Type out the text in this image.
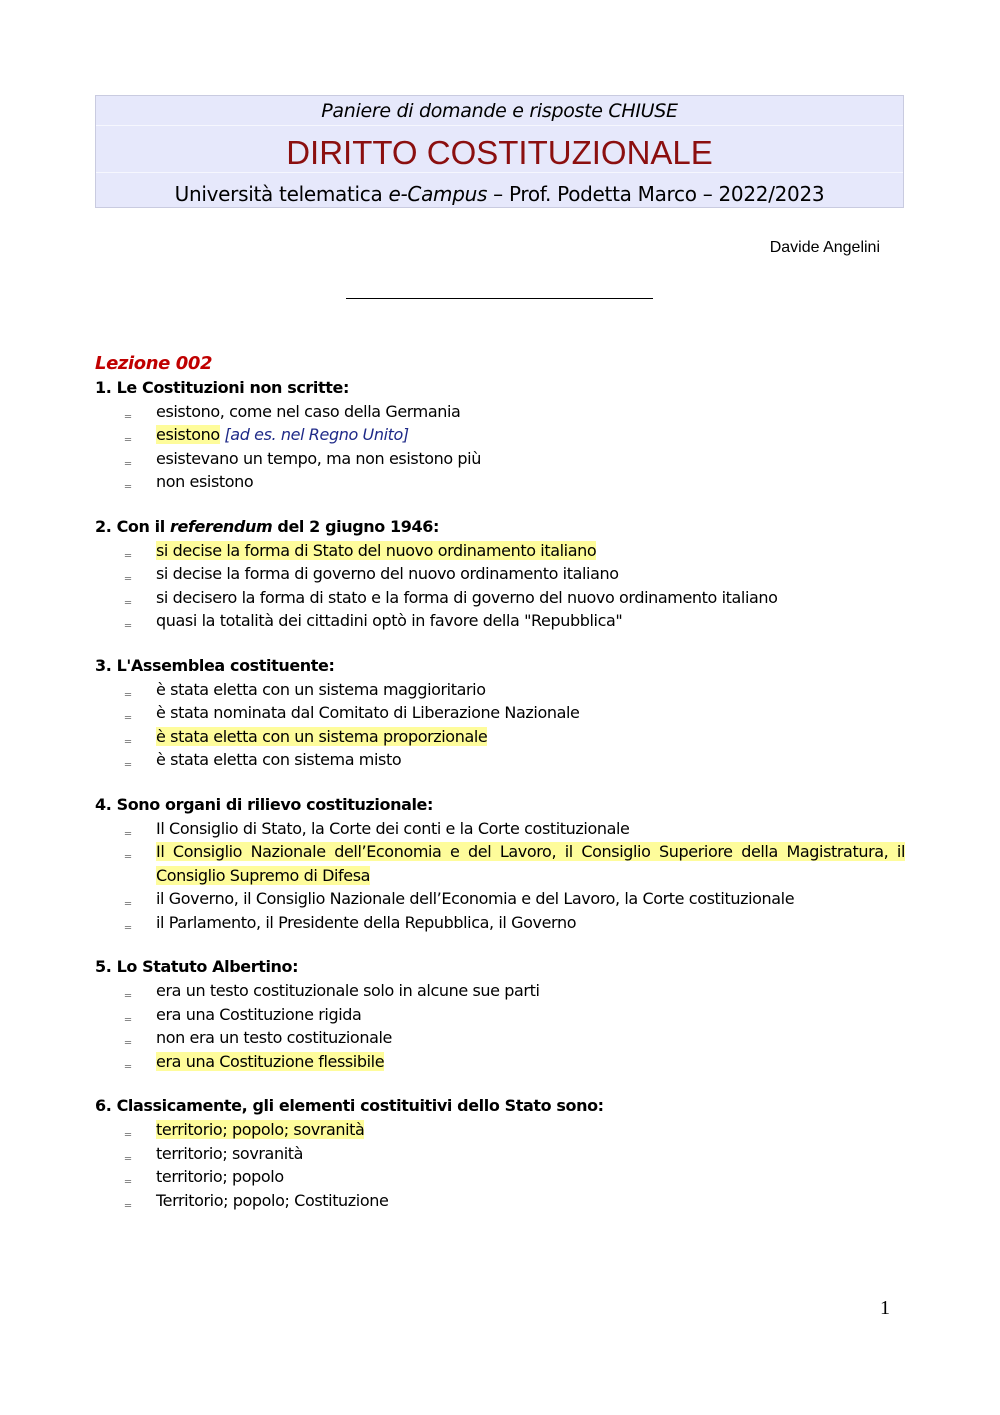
Paniere di domande e risposte CHIUSE
DIRITTO COSTITUZIONALE
Università telematica e-Campus – Prof. Podetta Marco – 2022/2023
Davide Angelini
Lezione 002
1. Le Costituzioni non scritte:
‗ esistono, come nel caso della Germania
‗ esistono [ad es. nel Regno Unito]
‗ esistevano un tempo, ma non esistono più
‗ non esistono
2. Con il referendum del 2 giugno 1946:
‗ si decise la forma di Stato del nuovo ordinamento italiano
‗ si decise la forma di governo del nuovo ordinamento italiano
‗ si decisero la forma di stato e la forma di governo del nuovo ordinamento italiano
‗ quasi la totalità dei cittadini optò in favore della "Repubblica"
3. L'Assemblea costituente:
‗ è stata eletta con un sistema maggioritario
‗ è stata nominata dal Comitato di Liberazione Nazionale
‗ è stata eletta con un sistema proporzionale
‗ è stata eletta con sistema misto
4. Sono organi di rilievo costituzionale:
‗ Il Consiglio di Stato, la Corte dei conti e la Corte costituzionale
‗ Il Consiglio Nazionale dell’Economia e del Lavoro, il Consiglio Superiore della Magistratura, il Consiglio Supremo di Difesa
‗ il Governo, il Consiglio Nazionale dell’Economia e del Lavoro, la Corte costituzionale
‗ il Parlamento, il Presidente della Repubblica, il Governo
5. Lo Statuto Albertino:
‗ era un testo costituzionale solo in alcune sue parti
‗ era una Costituzione rigida
‗ non era un testo costituzionale
‗ era una Costituzione flessibile
6. Classicamente, gli elementi costituitivi dello Stato sono:
‗ territorio; popolo; sovranità
‗ territorio; sovranità
‗ territorio; popolo
‗ Territorio; popolo; Costituzione
1
